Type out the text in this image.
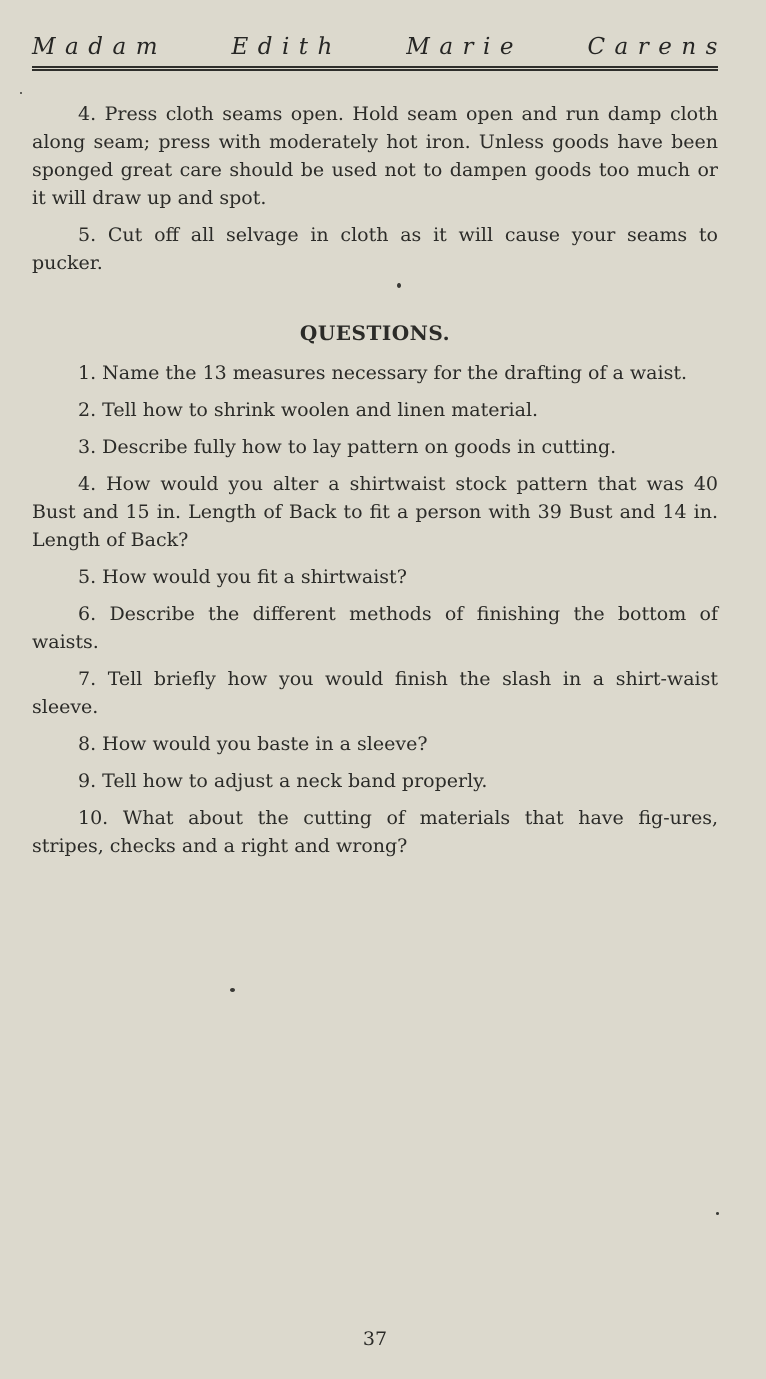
Madam	Edith	Marie	Carens

4. Press cloth seams open. Hold seam open and run damp cloth along seam; press with moderately hot iron. Unless goods have been sponged great care should be used not to dampen goods too much or it will draw up and spot.

5. Cut off all selvage in cloth as it will cause your seams to pucker.

QUESTIONS.

1. Name the 13 measures necessary for the drafting of a waist.

2. Tell how to shrink woolen and linen material.

3. Describe fully how to lay pattern on goods in cutting.

4. How would you alter a shirtwaist stock pattern that was 40 Bust and 15 in. Length of Back to fit a person with 39 Bust and 14 in. Length of Back?

5. How would you fit a shirtwaist?

6. Describe the different methods of finishing the bottom of waists.

7. Tell briefly how you would finish the slash in a shirt-waist sleeve.

8. How would you baste in a sleeve?

9. Tell how to adjust a neck band properly.

10. What about the cutting of materials that have fig-ures, stripes, checks and a right and wrong?

37
